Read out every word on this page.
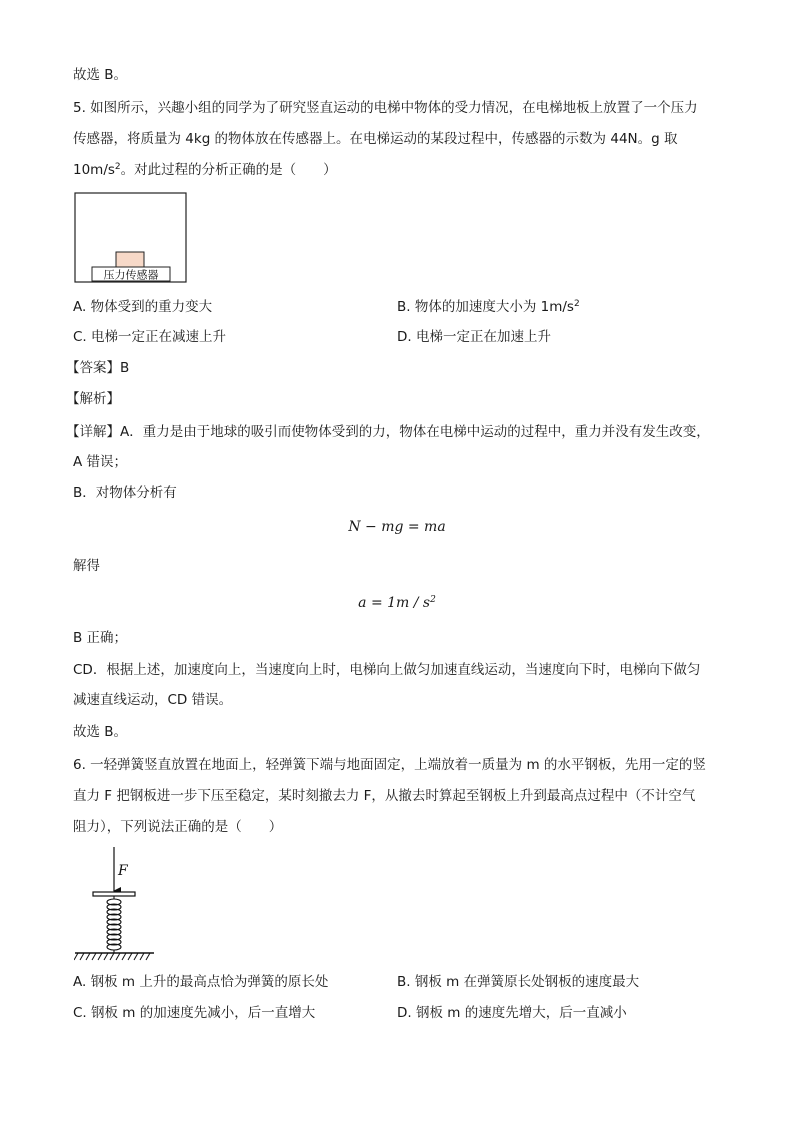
故选 B。
5. 如图所示，兴趣小组的同学为了研究竖直运动的电梯中物体的受力情况，在电梯地板上放置了一个压力
传感器，将质量为 4kg 的物体放在传感器上。在电梯运动的某段过程中，传感器的示数为 44N。g 取
$10m/s^2$。对此过程的分析正确的是（　　）
压力传感器
A. 物体受到的重力变大	B. 物体的加速度大小为 $1m/s^2$
C. 电梯一定正在减速上升	D. 电梯一定正在加速上升
【答案】B
【解析】
【详解】A．重力是由于地球的吸引而使物体受到的力，物体在电梯中运动的过程中，重力并没有发生改变，
A 错误；
B．对物体分析有
N − mg = ma
解得
$a = 1m / s^2$
B 正确；
CD．根据上述，加速度向上，当速度向上时，电梯向上做匀加速直线运动，当速度向下时，电梯向下做匀
减速直线运动，CD 错误。
故选 B。
6. 一轻弹簧竖直放置在地面上，轻弹簧下端与地面固定，上端放着一质量为 m 的水平钢板，先用一定的竖
直力 F 把钢板进一步下压至稳定，某时刻撤去力 F，从撤去时算起至钢板上升到最高点过程中（不计空气
阻力），下列说法正确的是（　　）
F
A. 钢板 m 上升的最高点恰为弹簧的原长处	B. 钢板 m 在弹簧原长处钢板的速度最大
C. 钢板 m 的加速度先减小，后一直增大	D. 钢板 m 的速度先增大，后一直减小
